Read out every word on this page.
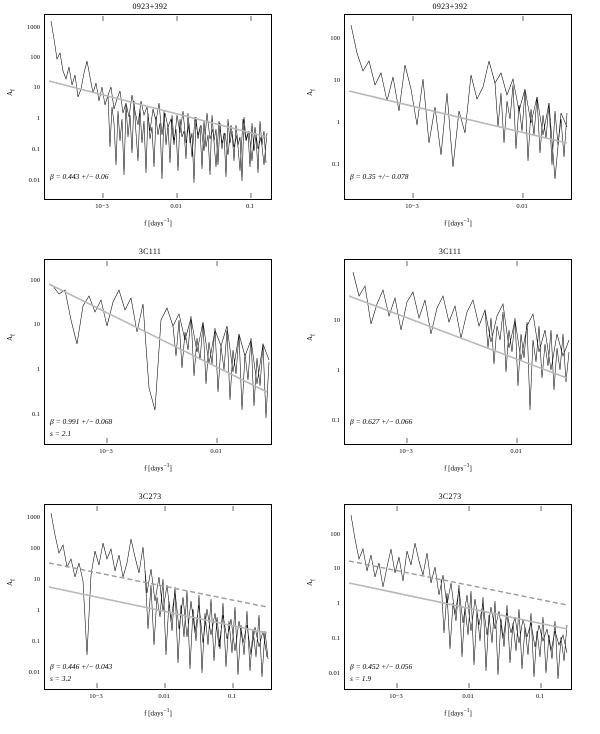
0923+392
$A_f$
1000
100
10
1
0.1
0.01
10−3	0.01	0.1
β = 0.443 +/− 0.06
f [days$^{-1}$]
0923+392
$A_f$
100
10
1
0.1
10−3	0.01
β = 0.35 +/− 0.078
f [days$^{-1}$]
3C111
$A_f$
100
10
1
0.1
10−3	0.01
β = 0.991 +/− 0.068
s = 2.1
f [days$^{-1}$]
3C111
$A_f$
10
1
0.1
10−3	0.01
β = 0.627 +/− 0.066
f [days$^{-1}$]
3C273
$A_f$
1000
100
10
1
0.1
0.01
10−3	0.01	0.1
β = 0.446 +/− 0.043
s = 3.2
f [days$^{-1}$]
3C273
$A_f$
100
10
1
0.1
0.01
10−3	0.01	0.1
β = 0.452 +/− 0.056
s = 1.9
f [days$^{-1}$]
